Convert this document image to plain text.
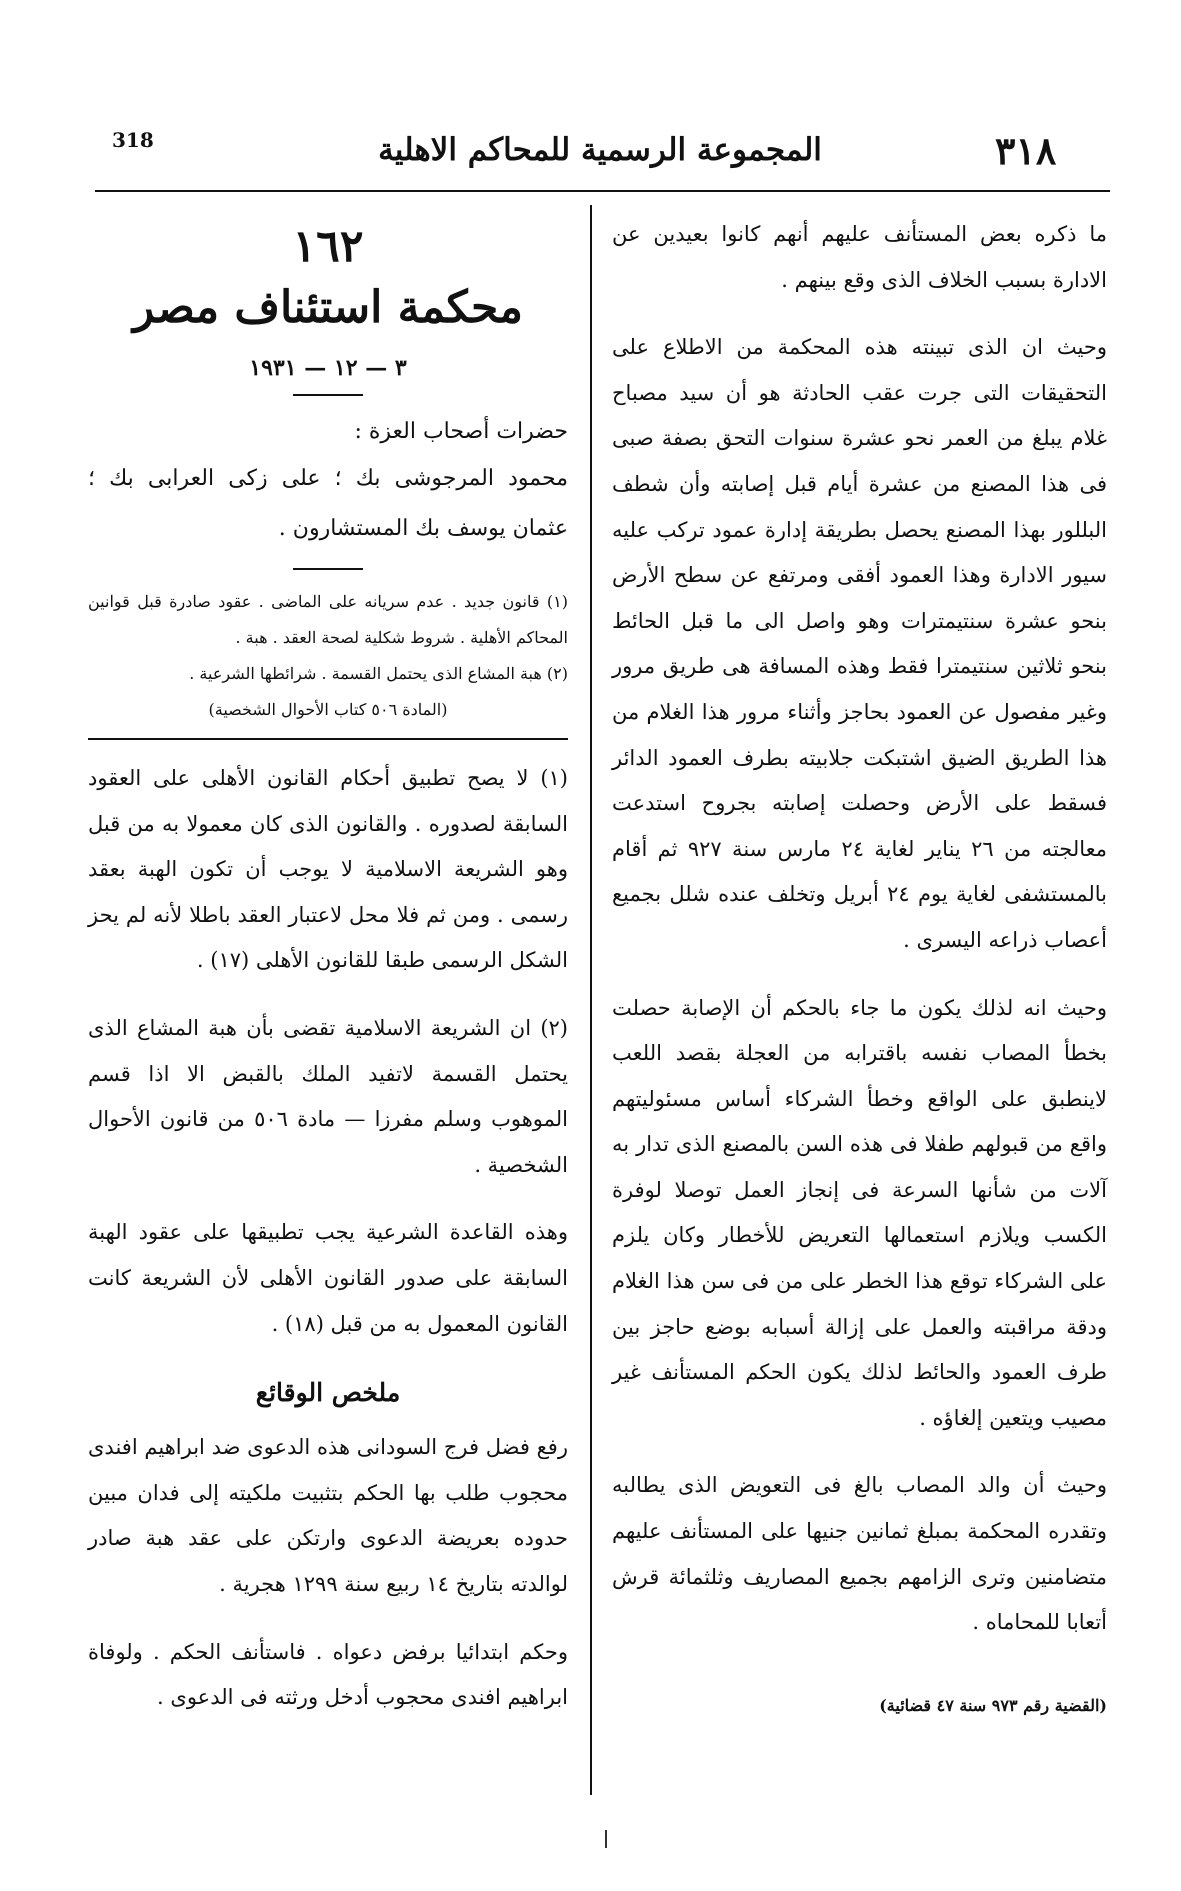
318	المجموعة الرسمية للمحاكم الاهلية	٣١٨

ما ذكره بعض المستأنف عليهم أنهم كانوا بعيدين عن الادارة بسبب الخلاف الذى وقع بينهم .

وحيث ان الذى تبينته هذه المحكمة من الاطلاع على التحقيقات التى جرت عقب الحادثة هو أن سيد مصباح غلام يبلغ من العمر نحو عشرة سنوات التحق بصفة صبى فى هذا المصنع من عشرة أيام قبل إصابته وأن شطف البللور بهذا المصنع يحصل بطريقة إدارة عمود تركب عليه سيور الادارة وهذا العمود أفقى ومرتفع عن سطح الأرض بنحو عشرة سنتيمترات وهو واصل الى ما قبل الحائط بنحو ثلاثين سنتيمترا فقط وهذه المسافة هى طريق مرور وغير مفصول عن العمود بحاجز وأثناء مرور هذا الغلام من هذا الطريق الضيق اشتبكت جلابيته بطرف العمود الدائر فسقط على الأرض وحصلت إصابته بجروح استدعت معالجته من ٢٦ يناير لغاية ٢٤ مارس سنة ٩٢٧ ثم أقام بالمستشفى لغاية يوم ٢٤ أبريل وتخلف عنده شلل بجميع أعصاب ذراعه اليسرى .

وحيث انه لذلك يكون ما جاء بالحكم أن الإصابة حصلت بخطأ المصاب نفسه باقترابه من العجلة بقصد اللعب لاينطبق على الواقع وخطأ الشركاء أساس مسئوليتهم واقع من قبولهم طفلا فى هذه السن بالمصنع الذى تدار به آلات من شأنها السرعة فى إنجاز العمل توصلا لوفرة الكسب ويلازم استعمالها التعريض للأخطار وكان يلزم على الشركاء توقع هذا الخطر على من فى سن هذا الغلام ودقة مراقبته والعمل على إزالة أسبابه بوضع حاجز بين طرف العمود والحائط لذلك يكون الحكم المستأنف غير مصيب ويتعين إلغاؤه .

وحيث أن والد المصاب بالغ فى التعويض الذى يطالبه وتقدره المحكمة بمبلغ ثمانين جنيها على المستأنف عليهم متضامنين وترى الزامهم بجميع المصاريف وثلثمائة قرش أتعابا للمحاماه .

(القضية رقم ٩٧٣ سنة ٤٧ قضائية)
١٦٢
محكمة استئناف مصر
٣ — ١٢ — ١٩٣١

حضرات أصحاب العزة :

محمود المرجوشى بك ؛ على زكى العرابى بك ؛ عثمان يوسف بك المستشارون .

(١) قانون جديد . عدم سريانه على الماضى . عقود صادرة قبل قوانين المحاكم الأهلية . شروط شكلية لصحة العقد . هبة .

(٢) هبة المشاع الذى يحتمل القسمة . شرائطها الشرعية .

(المادة ٥٠٦ كتاب الأحوال الشخصية)

(١) لا يصح تطبيق أحكام القانون الأهلى على العقود السابقة لصدوره . والقانون الذى كان معمولا به من قبل وهو الشريعة الاسلامية لا يوجب أن تكون الهبة بعقد رسمى . ومن ثم فلا محل لاعتبار العقد باطلا لأنه لم يحز الشكل الرسمى طبقا للقانون الأهلى (١٧) .

(٢) ان الشريعة الاسلامية تقضى بأن هبة المشاع الذى يحتمل القسمة لاتفيد الملك بالقبض الا اذا قسم الموهوب وسلم مفرزا — مادة ٥٠٦ من قانون الأحوال الشخصية .

وهذه القاعدة الشرعية يجب تطبيقها على عقود الهبة السابقة على صدور القانون الأهلى لأن الشريعة كانت القانون المعمول به من قبل (١٨) .

ملخص الوقائع

رفع فضل فرج السودانى هذه الدعوى ضد ابراهيم افندى محجوب طلب بها الحكم بتثبيت ملكيته إلى فدان مبين حدوده بعريضة الدعوى وارتكن على عقد هبة صادر لوالدته بتاريخ ١٤ ربيع سنة ١٢٩٩ هجرية .

وحكم ابتدائيا برفض دعواه . فاستأنف الحكم . ولوفاة ابراهيم افندى محجوب أدخل ورثته فى الدعوى .
